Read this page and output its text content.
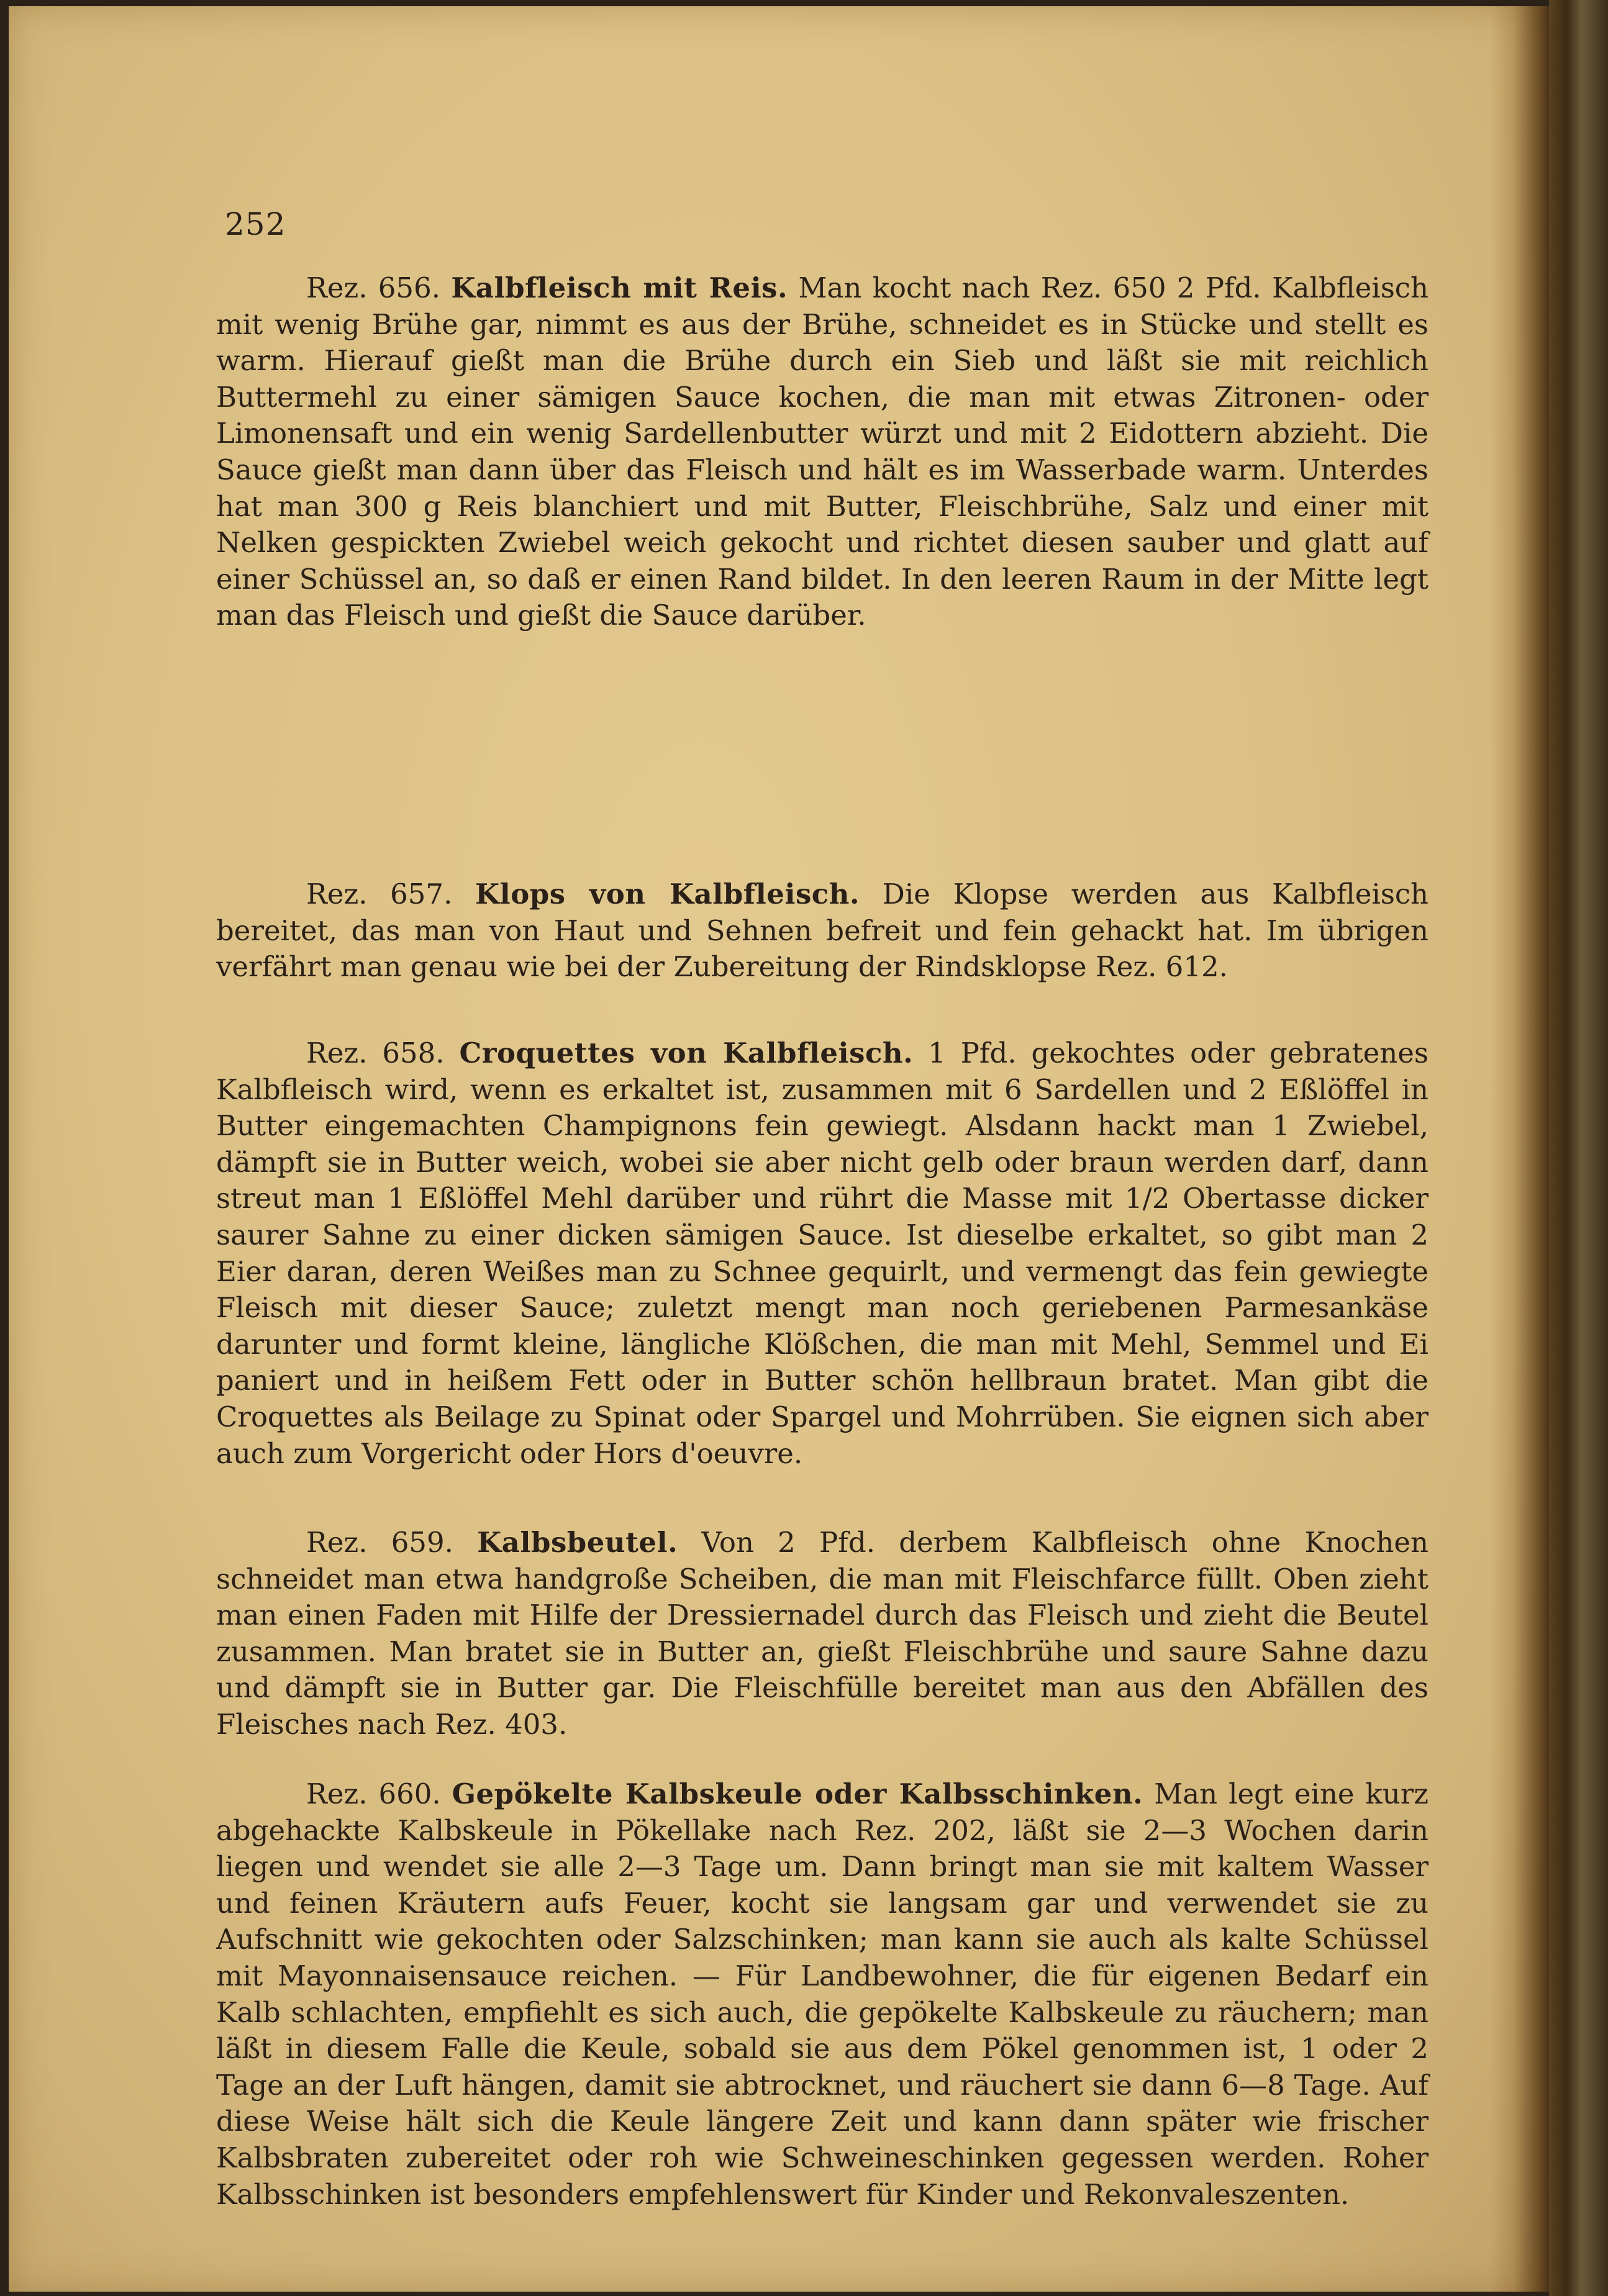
252

Rez. 656. Kalbfleisch mit Reis. Man kocht nach Rez. 650 2 Pfd. Kalbfleisch mit wenig Brühe gar, nimmt es aus der Brühe, schneidet es in Stücke und stellt es warm. Hierauf gießt man die Brühe durch ein Sieb und läßt sie mit reichlich Buttermehl zu einer sämigen Sauce kochen, die man mit etwas Zitronen- oder Limonensaft und ein wenig Sardellenbutter würzt und mit 2 Eidottern abzieht. Die Sauce gießt man dann über das Fleisch und hält es im Wasserbade warm. Unterdes hat man 300 g Reis blanchiert und mit Butter, Fleischbrühe, Salz und einer mit Nelken gespickten Zwiebel weich gekocht und richtet diesen sauber und glatt auf einer Schüssel an, so daß er einen Rand bildet. In den leeren Raum in der Mitte legt man das Fleisch und gießt die Sauce darüber.

Rez. 657. Klops von Kalbfleisch. Die Klopse werden aus Kalbfleisch bereitet, das man von Haut und Sehnen befreit und fein gehackt hat. Im übrigen verfährt man genau wie bei der Zubereitung der Rindsklopse Rez. 612.

Rez. 658. Croquettes von Kalbfleisch. 1 Pfd. gekochtes oder gebratenes Kalbfleisch wird, wenn es erkaltet ist, zusammen mit 6 Sardellen und 2 Eßlöffel in Butter eingemachten Champignons fein gewiegt. Alsdann hackt man 1 Zwiebel, dämpft sie in Butter weich, wobei sie aber nicht gelb oder braun werden darf, dann streut man 1 Eßlöffel Mehl darüber und rührt die Masse mit 1/2 Obertasse dicker saurer Sahne zu einer dicken sämigen Sauce. Ist dieselbe erkaltet, so gibt man 2 Eier daran, deren Weißes man zu Schnee gequirlt, und vermengt das fein gewiegte Fleisch mit dieser Sauce; zuletzt mengt man noch geriebenen Parmesankäse darunter und formt kleine, längliche Klößchen, die man mit Mehl, Semmel und Ei paniert und in heißem Fett oder in Butter schön hellbraun bratet. Man gibt die Croquettes als Beilage zu Spinat oder Spargel und Mohrrüben. Sie eignen sich aber auch zum Vorgericht oder Hors d'oeuvre.

Rez. 659. Kalbsbeutel. Von 2 Pfd. derbem Kalbfleisch ohne Knochen schneidet man etwa handgroße Scheiben, die man mit Fleischfarce füllt. Oben zieht man einen Faden mit Hilfe der Dressiernadel durch das Fleisch und zieht die Beutel zusammen. Man bratet sie in Butter an, gießt Fleischbrühe und saure Sahne dazu und dämpft sie in Butter gar. Die Fleischfülle bereitet man aus den Abfällen des Fleisches nach Rez. 403.

Rez. 660. Gepökelte Kalbskeule oder Kalbsschinken. Man legt eine kurz abgehackte Kalbskeule in Pökellake nach Rez. 202, läßt sie 2—3 Wochen darin liegen und wendet sie alle 2—3 Tage um. Dann bringt man sie mit kaltem Wasser und feinen Kräutern aufs Feuer, kocht sie langsam gar und verwendet sie zu Aufschnitt wie gekochten oder Salzschinken; man kann sie auch als kalte Schüssel mit Mayonnaisensauce reichen. — Für Landbewohner, die für eigenen Bedarf ein Kalb schlachten, empfiehlt es sich auch, die gepökelte Kalbskeule zu räuchern; man läßt in diesem Falle die Keule, sobald sie aus dem Pökel genommen ist, 1 oder 2 Tage an der Luft hängen, damit sie abtrocknet, und räuchert sie dann 6—8 Tage. Auf diese Weise hält sich die Keule längere Zeit und kann dann später wie frischer Kalbsbraten zubereitet oder roh wie Schweineschinken gegessen werden. Roher Kalbsschinken ist besonders empfehlenswert für Kinder und Rekonvaleszenten.
